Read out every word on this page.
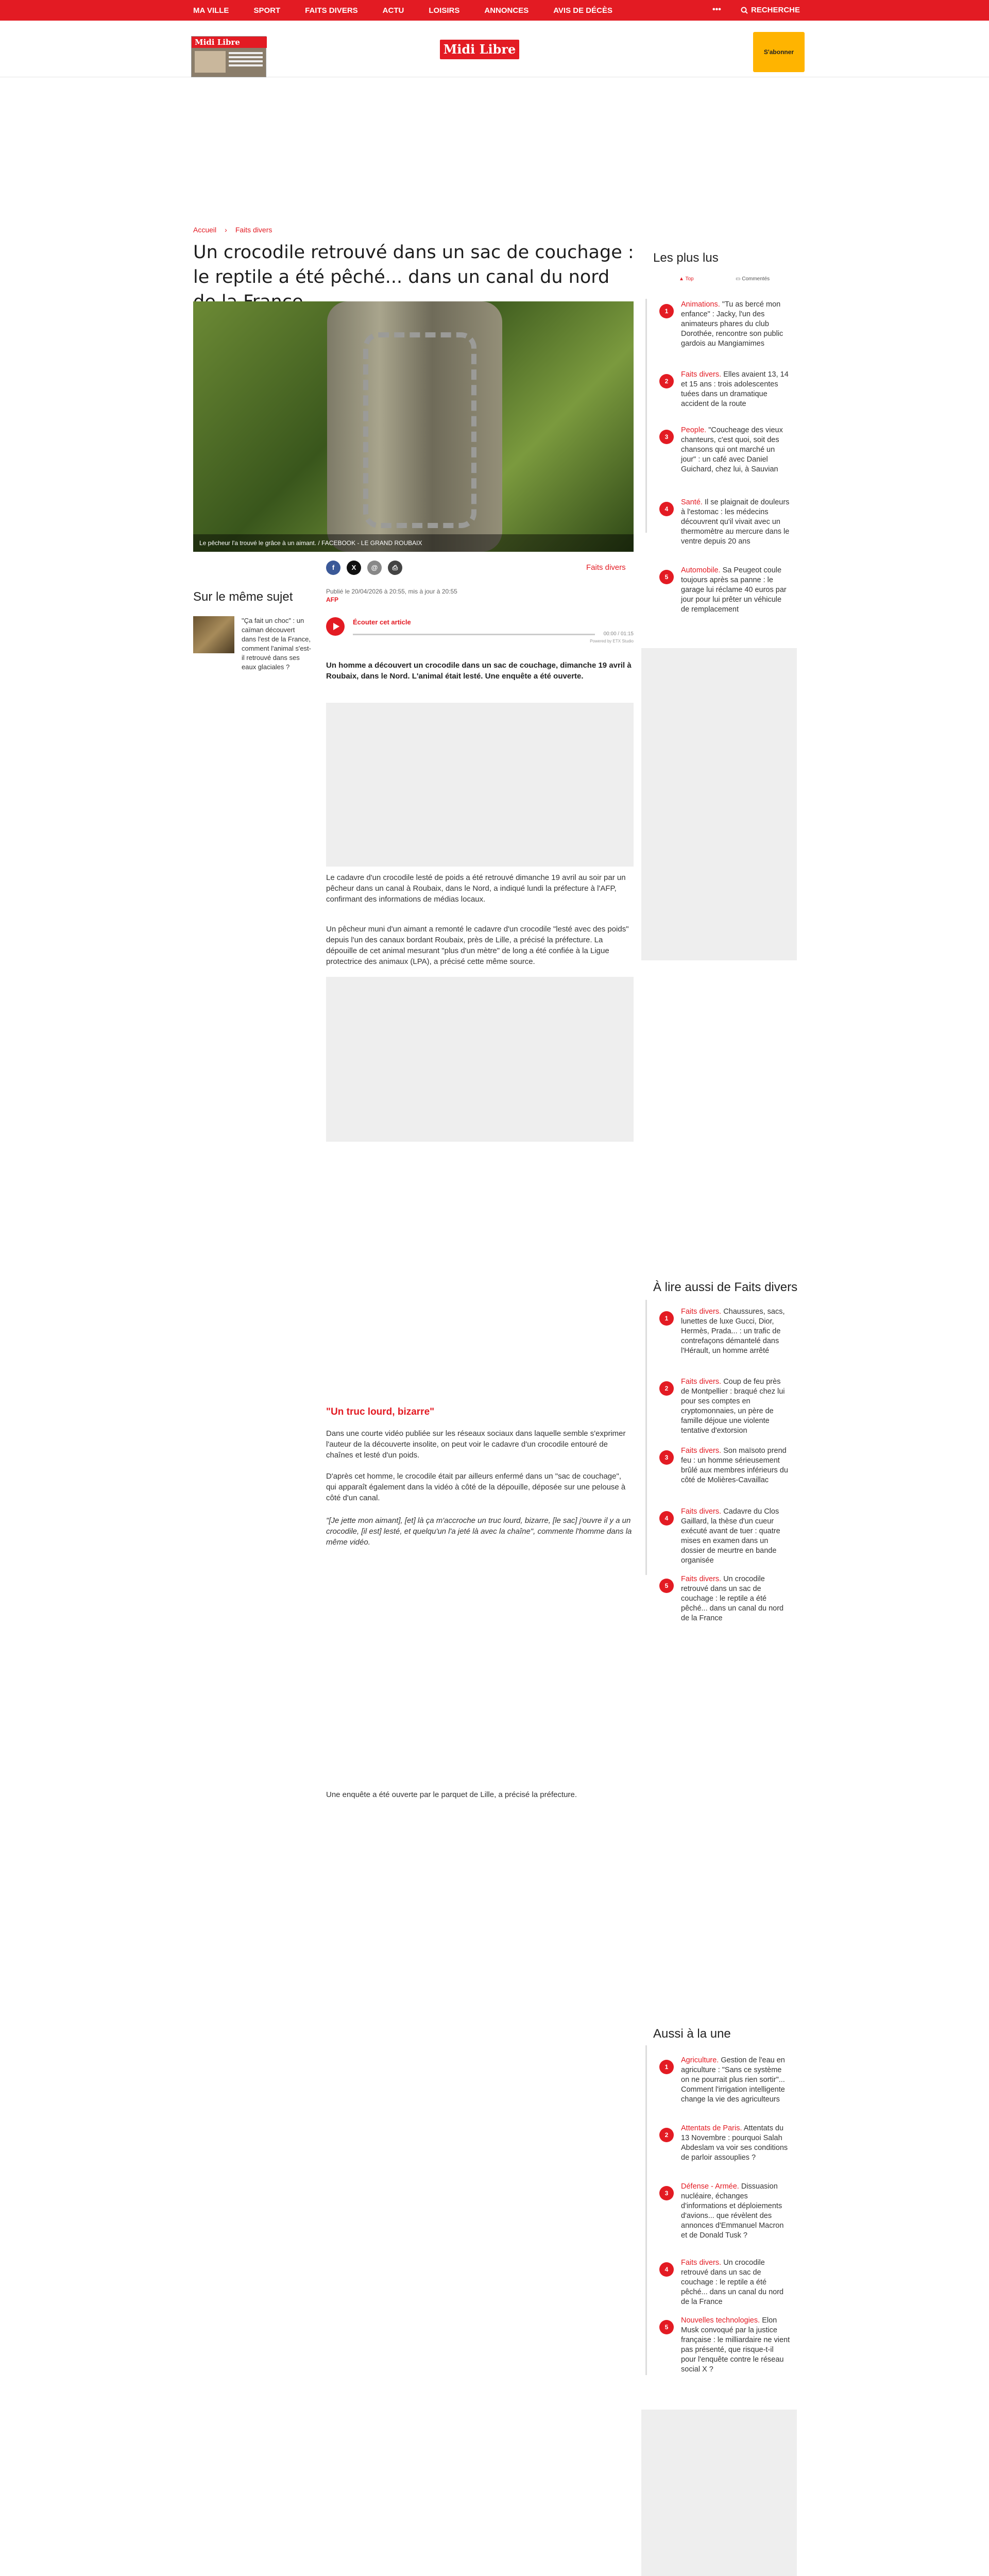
MA VILLE	SPORT	FAITS DIVERS	ACTU	LOISIRS	ANNONCES	AVIS DE DÉCÈS	•••	RECHERCHE
Midi Libre	Midi Libre	S'abonner
Accueil › Faits divers
Un crocodile retrouvé dans un sac de couchage : le reptile a été pêché... dans un canal du nord
Le pêcheur l'a trouvé le grâce à un aimant. / FACEBOOK - LE GRAND ROUBAIX
Sur le même sujet
"Ça fait un choc" : un caïman découvert dans l'est de la France, comment l'animal s'est-il retrouvé dans ses eaux glaciales ?
f	X	@	⎙	Faits divers
Publié le 20/04/2026 à 20:55, mis à jour à 20:55
AFP
Écouter cet article
00:00 / 01:15
Powered by ETX Studio

Un homme a découvert un crocodile dans un sac de couchage, dimanche 19 avril à Roubaix, dans le Nord. L'animal était lesté. Une enquête a été ouverte.

Le cadavre d'un crocodile lesté de poids a été retrouvé dimanche 19 avril au soir par un pêcheur dans un canal à Roubaix, dans le Nord, a indiqué lundi la préfecture à l'AFP, confirmant des informations de médias locaux.

Un pêcheur muni d'un aimant a remonté le cadavre d'un crocodile "lesté avec des poids" depuis l'un des canaux bordant Roubaix, près de Lille, a précisé la préfecture. La dépouille de cet animal mesurant "plus d'un mètre" de long a été confiée à la Ligue protectrice des animaux (LPA), a précisé cette même source.

"Un truc lourd, bizarre"

Dans une courte vidéo publiée sur les réseaux sociaux dans laquelle semble s'exprimer l'auteur de la découverte insolite, on peut voir le cadavre d'un crocodile entouré de chaînes et lesté d'un poids.

D'après cet homme, le crocodile était par ailleurs enfermé dans un "sac de couchage", qui apparaît également dans la vidéo à côté de la dépouille, déposée sur une pelouse à côté d'un canal.

"[Je jette mon aimant], [et] là ça m'accroche un truc lourd, bizarre, [le sac] j'ouvre il y a un crocodile, [il est] lesté, et quelqu'un l'a jeté là avec la chaîne", commente l'homme dans la même vidéo.

Une enquête a été ouverte par le parquet de Lille, a précisé la préfecture.

Les plus lus
▲ Top	▭ Commentés
1
Animations. "Tu as bercé mon enfance" : Jacky, l'un des animateurs phares du club Dorothée, rencontre son public gardois au Mangiamimes
2
Faits divers. Elles avaient 13, 14 et 15 ans : trois adolescentes tuées dans un dramatique accident de la route
3
People. "Coucheage des vieux chanteurs, c'est quoi, soit des chansons qui ont marché un jour" : un café avec Daniel Guichard, chez lui, à Sauvian
4
Santé. Il se plaignait de douleurs à l'estomac : les médecins découvrent qu'il vivait avec un thermomètre au mercure dans le ventre depuis 20 ans
5
Automobile. Sa Peugeot coule toujours après sa panne : le garage lui réclame 40 euros par jour pour lui prêter un véhicule de remplacement
À lire aussi de Faits divers
1
Faits divers. Chaussures, sacs, lunettes de luxe Gucci, Dior, Hermès, Prada... : un trafic de contrefaçons démantelé dans l'Hérault, un homme arrêté
2
Faits divers. Coup de feu près de Montpellier : braqué chez lui pour ses comptes en cryptomonnaies, un père de famille déjoue une violente tentative d'extorsion
3
Faits divers. Son maïsoto prend feu : un homme sérieusement brûlé aux membres inférieurs du côté de Molières-Cavaillac
4
Faits divers. Cadavre du Clos Gaillard, la thèse d'un cueur exécuté avant de tuer : quatre mises en examen dans un dossier de meurtre en bande organisée
5
Faits divers. Un crocodile retrouvé dans un sac de couchage : le reptile a été pêché... dans un canal du nord de la France
Aussi à la une
1
Agriculture. Gestion de l'eau en agriculture : "Sans ce système on ne pourrait plus rien sortir"... Comment l'irrigation intelligente change la vie des agriculteurs
2
Attentats de Paris. Attentats du 13 Novembre : pourquoi Salah Abdeslam va voir ses conditions de parloir assouplies ?
3
Défense - Armée. Dissuasion nucléaire, échanges d'informations et déploiements d'avions... que révèlent des annonces d'Emmanuel Macron et de Donald Tusk ?
4
Faits divers. Un crocodile retrouvé dans un sac de couchage : le reptile a été pêché... dans un canal du nord de la France
5
Nouvelles technologies. Elon Musk convoqué par la justice française : le milliardaire ne vient pas présenté, que risque-t-il pour l'enquête contre le réseau social X ?
